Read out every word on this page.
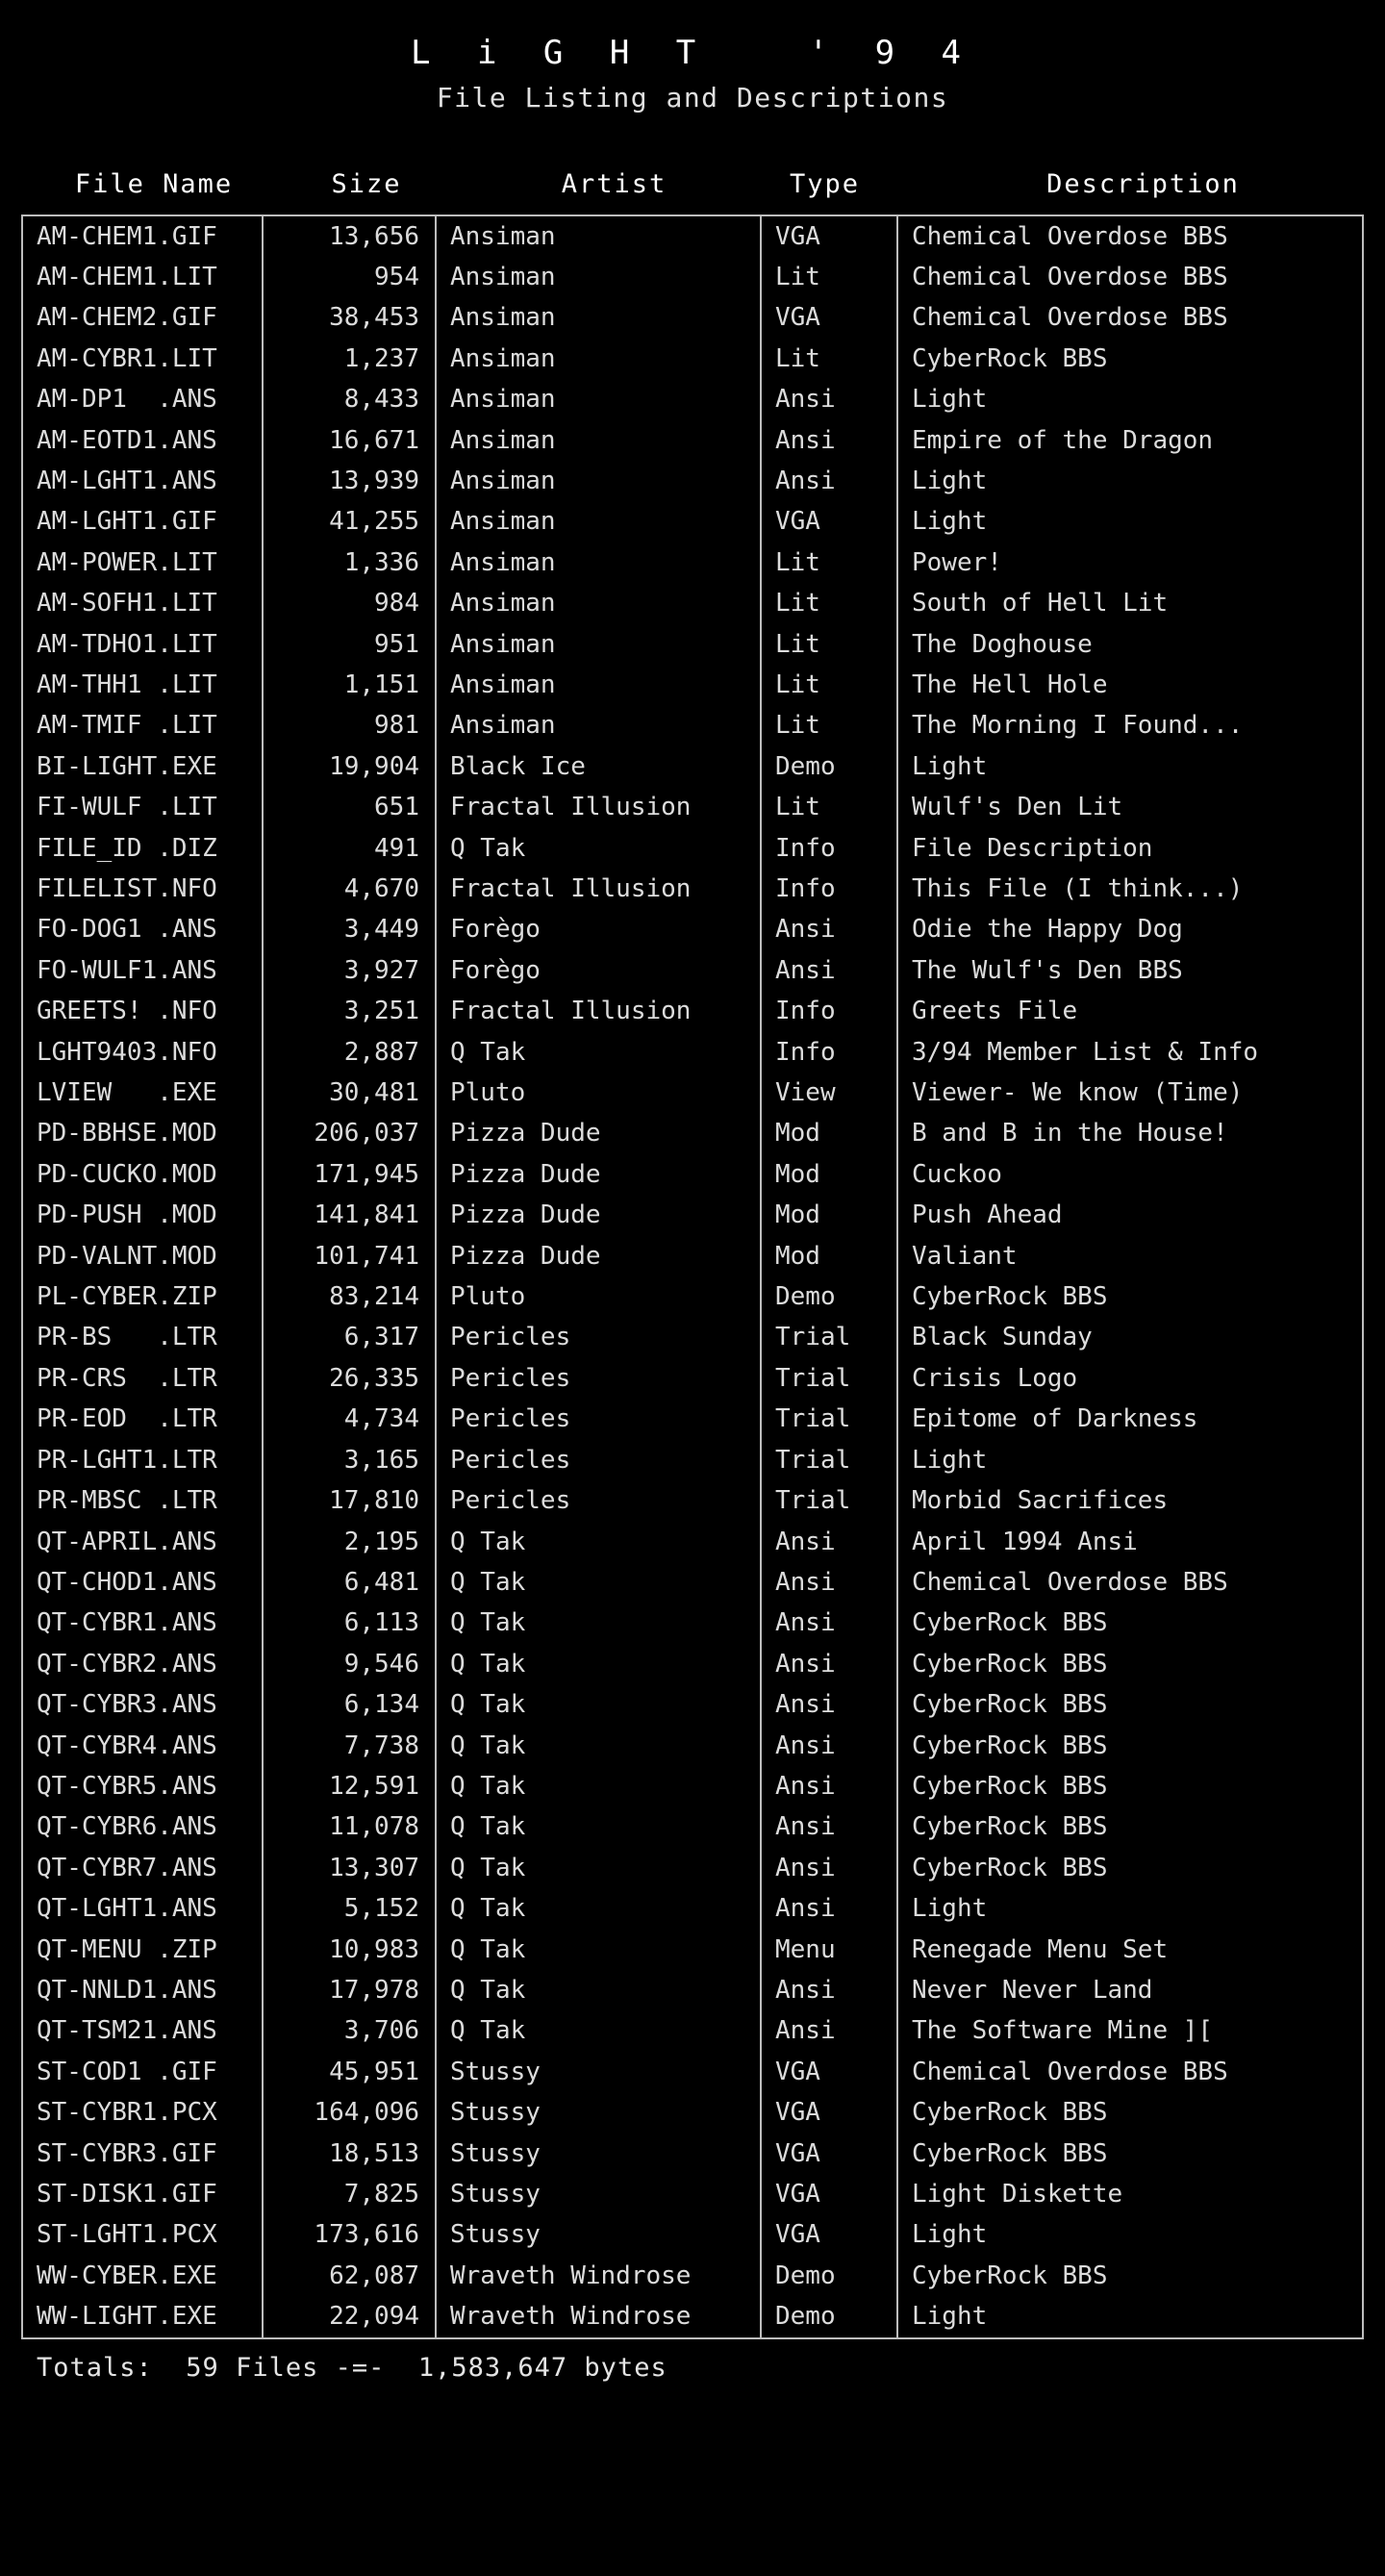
L i G H T   ' 9 4
File Listing and Descriptions
File Name	Size	Artist	Type	Description
AM-CHEM1.GIF	13,656	Ansiman	VGA	Chemical Overdose BBS
AM-CHEM1.LIT	954	Ansiman	Lit	Chemical Overdose BBS
AM-CHEM2.GIF	38,453	Ansiman	VGA	Chemical Overdose BBS
AM-CYBR1.LIT	1,237	Ansiman	Lit	CyberRock BBS
AM-DP1  .ANS	8,433	Ansiman	Ansi	Light
AM-EOTD1.ANS	16,671	Ansiman	Ansi	Empire of the Dragon
AM-LGHT1.ANS	13,939	Ansiman	Ansi	Light
AM-LGHT1.GIF	41,255	Ansiman	VGA	Light
AM-POWER.LIT	1,336	Ansiman	Lit	Power!
AM-SOFH1.LIT	984	Ansiman	Lit	South of Hell Lit
AM-TDHO1.LIT	951	Ansiman	Lit	The Doghouse
AM-THH1 .LIT	1,151	Ansiman	Lit	The Hell Hole
AM-TMIF .LIT	981	Ansiman	Lit	The Morning I Found...
BI-LIGHT.EXE	19,904	Black Ice	Demo	Light
FI-WULF .LIT	651	Fractal Illusion	Lit	Wulf's Den Lit
FILE_ID .DIZ	491	Q Tak	Info	File Description
FILELIST.NFO	4,670	Fractal Illusion	Info	This File (I think...)
FO-DOG1 .ANS	3,449	Forègo	Ansi	Odie the Happy Dog
FO-WULF1.ANS	3,927	Forègo	Ansi	The Wulf's Den BBS
GREETS! .NFO	3,251	Fractal Illusion	Info	Greets File
LGHT9403.NFO	2,887	Q Tak	Info	3/94 Member List & Info
LVIEW   .EXE	30,481	Pluto	View	Viewer- We know (Time)
PD-BBHSE.MOD	206,037	Pizza Dude	Mod	B and B in the House!
PD-CUCKO.MOD	171,945	Pizza Dude	Mod	Cuckoo
PD-PUSH .MOD	141,841	Pizza Dude	Mod	Push Ahead
PD-VALNT.MOD	101,741	Pizza Dude	Mod	Valiant
PL-CYBER.ZIP	83,214	Pluto	Demo	CyberRock BBS
PR-BS   .LTR	6,317	Pericles	Trial	Black Sunday
PR-CRS  .LTR	26,335	Pericles	Trial	Crisis Logo
PR-EOD  .LTR	4,734	Pericles	Trial	Epitome of Darkness
PR-LGHT1.LTR	3,165	Pericles	Trial	Light
PR-MBSC .LTR	17,810	Pericles	Trial	Morbid Sacrifices
QT-APRIL.ANS	2,195	Q Tak	Ansi	April 1994 Ansi
QT-CHOD1.ANS	6,481	Q Tak	Ansi	Chemical Overdose BBS
QT-CYBR1.ANS	6,113	Q Tak	Ansi	CyberRock BBS
QT-CYBR2.ANS	9,546	Q Tak	Ansi	CyberRock BBS
QT-CYBR3.ANS	6,134	Q Tak	Ansi	CyberRock BBS
QT-CYBR4.ANS	7,738	Q Tak	Ansi	CyberRock BBS
QT-CYBR5.ANS	12,591	Q Tak	Ansi	CyberRock BBS
QT-CYBR6.ANS	11,078	Q Tak	Ansi	CyberRock BBS
QT-CYBR7.ANS	13,307	Q Tak	Ansi	CyberRock BBS
QT-LGHT1.ANS	5,152	Q Tak	Ansi	Light
QT-MENU .ZIP	10,983	Q Tak	Menu	Renegade Menu Set
QT-NNLD1.ANS	17,978	Q Tak	Ansi	Never Never Land
QT-TSM21.ANS	3,706	Q Tak	Ansi	The Software Mine ][
ST-COD1 .GIF	45,951	Stussy	VGA	Chemical Overdose BBS
ST-CYBR1.PCX	164,096	Stussy	VGA	CyberRock BBS
ST-CYBR3.GIF	18,513	Stussy	VGA	CyberRock BBS
ST-DISK1.GIF	7,825	Stussy	VGA	Light Diskette
ST-LGHT1.PCX	173,616	Stussy	VGA	Light
WW-CYBER.EXE	62,087	Wraveth Windrose	Demo	CyberRock BBS
WW-LIGHT.EXE	22,094	Wraveth Windrose	Demo	Light
Totals:  59 Files -=-  1,583,647 bytes
